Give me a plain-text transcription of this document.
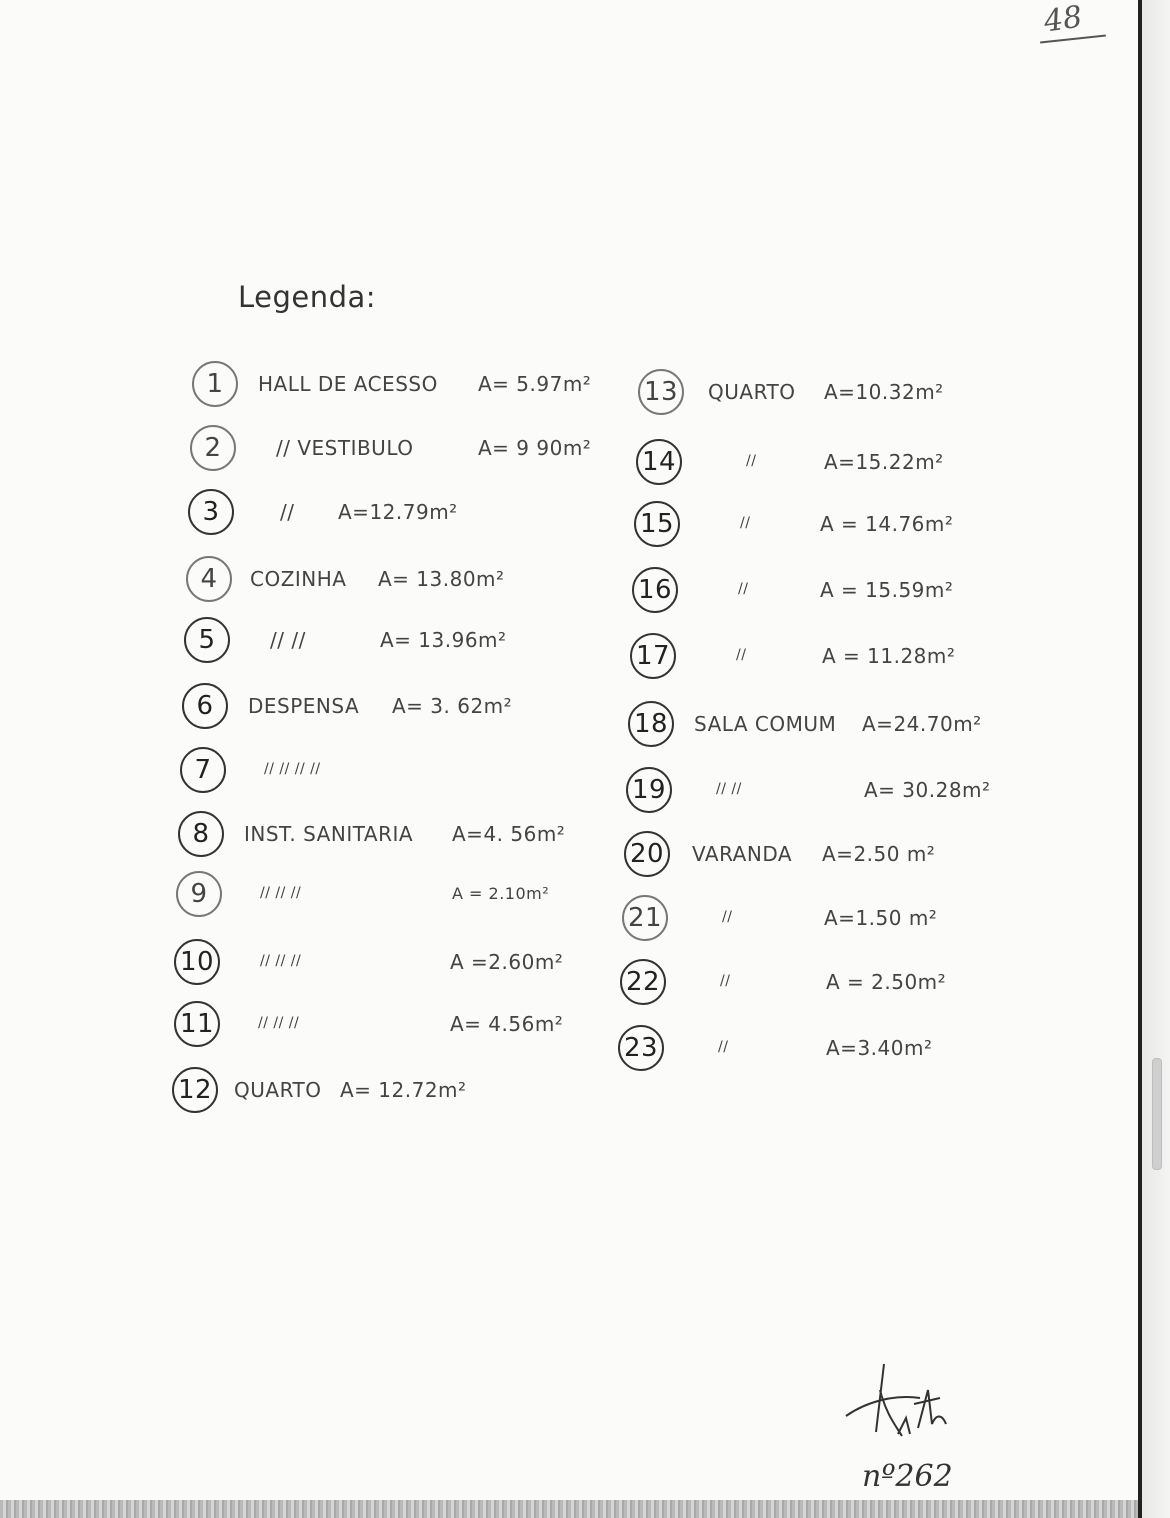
48
Legenda:
1	HALL DE ACESSO A= 5.97m²
2	// VESTIBULO	A= 9 90m²
3	// A=12.79m²
4	COZINHA A= 13.80m²
5	// //	A= 13.96m²
6	DESPENSA A= 3. 62m²
7	// // // //
8	INST. SANITARIA A=4. 56m²
9	// // //	A = 2.10m²
10	// // //	A =2.60m²
11	// // //	A= 4.56m²
12 QUARTO A= 12.72m²
13 QUARTO A=10.32m²
14	//	A=15.22m²
15	//	A = 14.76m²
16	//	A = 15.59m²
17	//	A = 11.28m²
18 SALA COMUM A=24.70m²
19	// //	A= 30.28m²
20 VARANDA A=2.50 m²
21	//	A=1.50 m²
22	//	A = 2.50m²
23	//	A=3.40m²
nº262
